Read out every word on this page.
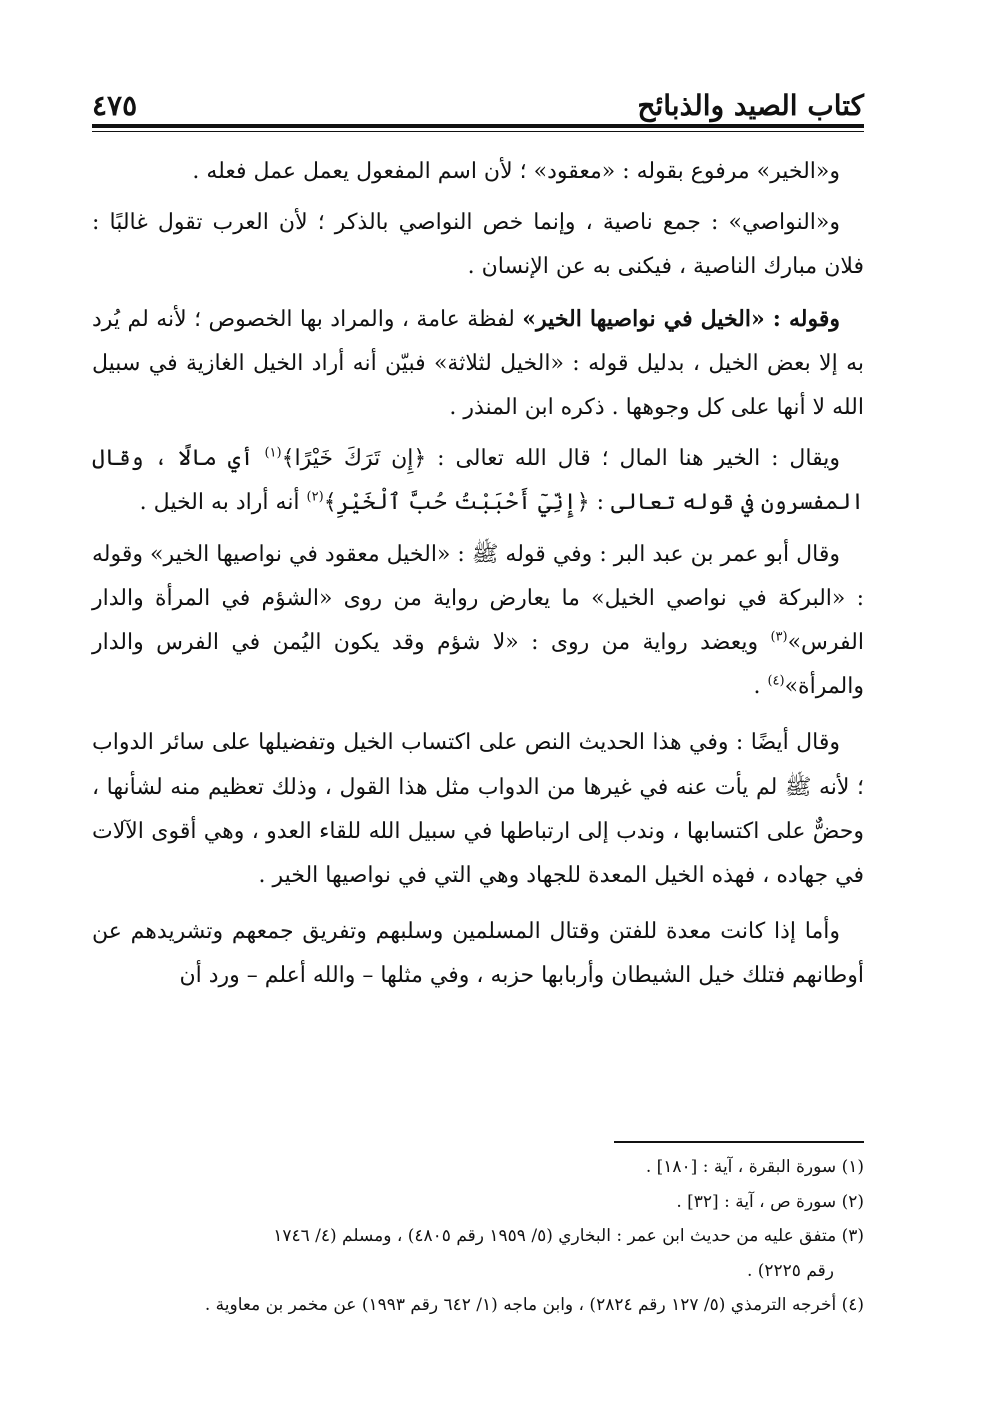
كتاب الصيد والذبائح
٤٧٥

و«الخير» مرفوع بقوله : «معقود» ؛ لأن اسم المفعول يعمل عمل فعله .

و«النواصي» : جمع ناصية ، وإنما خص النواصي بالذكر ؛ لأن العرب تقول غالبًا : فلان مبارك الناصية ، فيكنى به عن الإنسان .

وقوله : «الخيل في نواصيها الخير» لفظة عامة ، والمراد بها الخصوص ؛ لأنه لم يُرد به إلا بعض الخيل ، بدليل قوله : «الخيل لثلاثة» فبيّن أنه أراد الخيل الغازية في سبيل الله لا أنها على كل وجوهها . ذكره ابن المنذر .

ويقال : الخير هنا المال ؛ قال الله تعالى : ﴿إِن تَرَكَ خَيْرًا﴾$^{(١)}$ أي مالًا ، وقال المفسرون في قوله تعالى : ﴿إِنِّيٓ أَحْبَبْتُ حُبَّ ٱلْخَيْرِ﴾$^{(٢)}$ أنه أراد به الخيل .

وقال أبو عمر بن عبد البر : وفي قوله ﷺ : «الخيل معقود في نواصيها الخير» وقوله : «البركة في نواصي الخيل» ما يعارض رواية من روى «الشؤم في المرأة والدار الفرس»$^{(٣)}$ ويعضد رواية من روى : «لا شؤم وقد يكون اليُمن في الفرس والدار والمرأة»$^{(٤)}$ .

وقال أيضًا : وفي هذا الحديث النص على اكتساب الخيل وتفضيلها على سائر الدواب ؛ لأنه ﷺ لم يأت عنه في غيرها من الدواب مثل هذا القول ، وذلك تعظيم منه لشأنها ، وحضٌّ على اكتسابها ، وندب إلى ارتباطها في سبيل الله للقاء العدو ، وهي أقوى الآلات في جهاده ، فهذه الخيل المعدة للجهاد وهي التي في نواصيها الخير .

وأما إذا كانت معدة للفتن وقتال المسلمين وسلبهم وتفريق جمعهم وتشريدهم عن أوطانهم فتلك خيل الشيطان وأربابها حزبه ، وفي مثلها – والله أعلم – ورد أن

(١) سورة البقرة ، آية : [١٨٠] .

(٢) سورة ص ، آية : [٣٢] .

(٣) متفق عليه من حديث ابن عمر : البخاري (٥/ ١٩٥٩ رقم ٤٨٠٥) ، ومسلم (٤/ ١٧٤٦

رقم ٢٢٢٥) .

(٤) أخرجه الترمذي (٥/ ١٢٧ رقم ٢٨٢٤) ، وابن ماجه (١/ ٦٤٢ رقم ١٩٩٣) عن مخمر بن معاوية .
